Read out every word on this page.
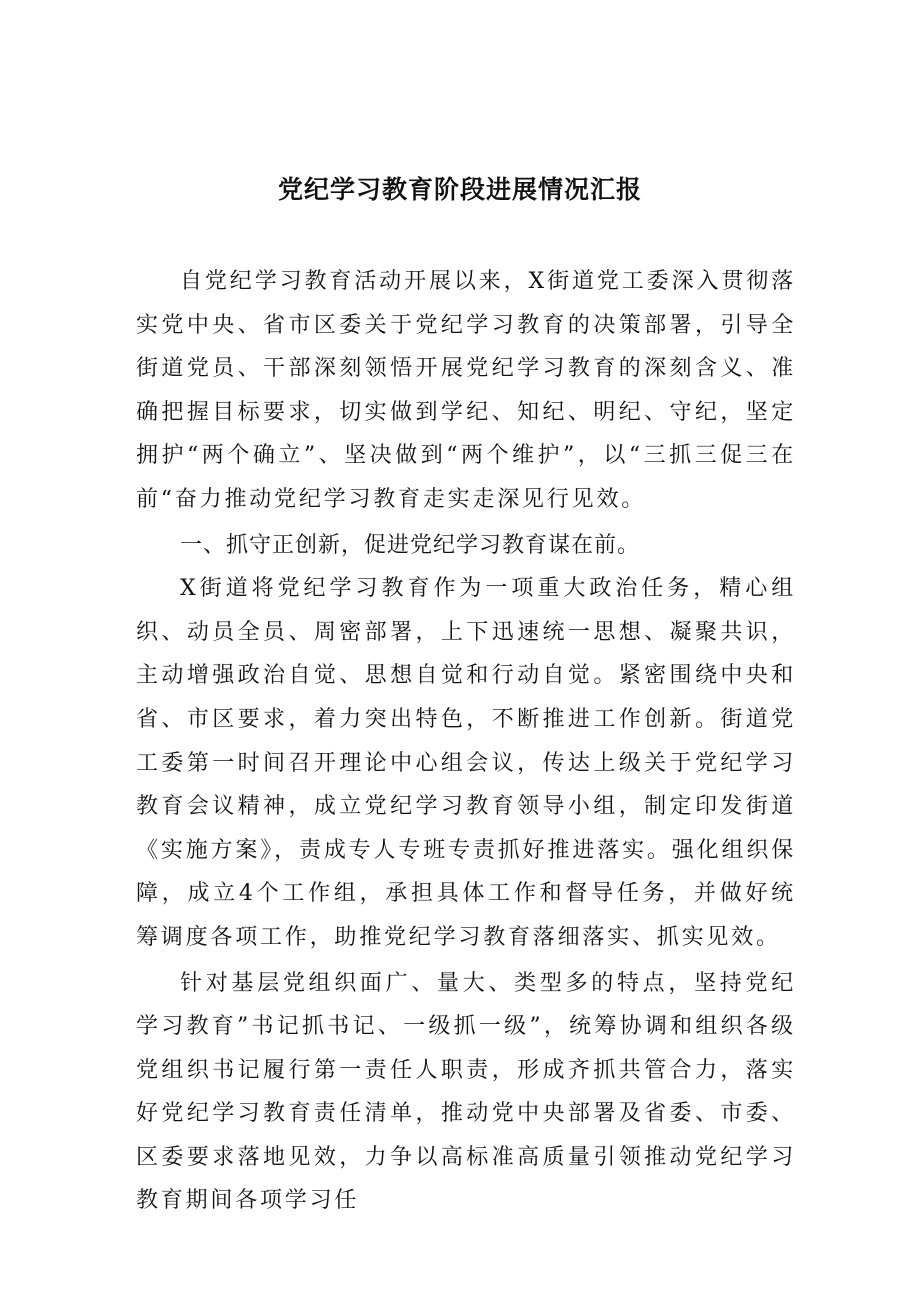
党纪学习教育阶段进展情况汇报

自党纪学习教育活动开展以来，X街道党工委深入贯彻落实党中央、省市区委关于党纪学习教育的决策部署，引导全街道党员、干部深刻领悟开展党纪学习教育的深刻含义、准确把握目标要求，切实做到学纪、知纪、明纪、守纪，坚定拥护“两个确立”、坚决做到“两个维护”，以“三抓三促三在前“奋力推动党纪学习教育走实走深见行见效。

一、抓守正创新，促进党纪学习教育谋在前。

X街道将党纪学习教育作为一项重大政治任务，精心组织、动员全员、周密部署，上下迅速统一思想、凝聚共识，主动增强政治自觉、思想自觉和行动自觉。紧密围绕中央和省、市区要求，着力突出特色，不断推进工作创新。街道党工委第一时间召开理论中心组会议，传达上级关于党纪学习教育会议精神，成立党纪学习教育领导小组，制定印发街道《实施方案》，责成专人专班专责抓好推进落实。强化组织保障，成立4个工作组，承担具体工作和督导任务，并做好统筹调度各项工作，助推党纪学习教育落细落实、抓实见效。

针对基层党组织面广、量大、类型多的特点，坚持党纪学习教育”书记抓书记、一级抓一级”，统筹协调和组织各级党组织书记履行第一责任人职责，形成齐抓共管合力，落实好党纪学习教育责任清单，推动党中央部署及省委、市委、区委要求落地见效，力争以高标准高质量引领推动党纪学习教育期间各项学习任
